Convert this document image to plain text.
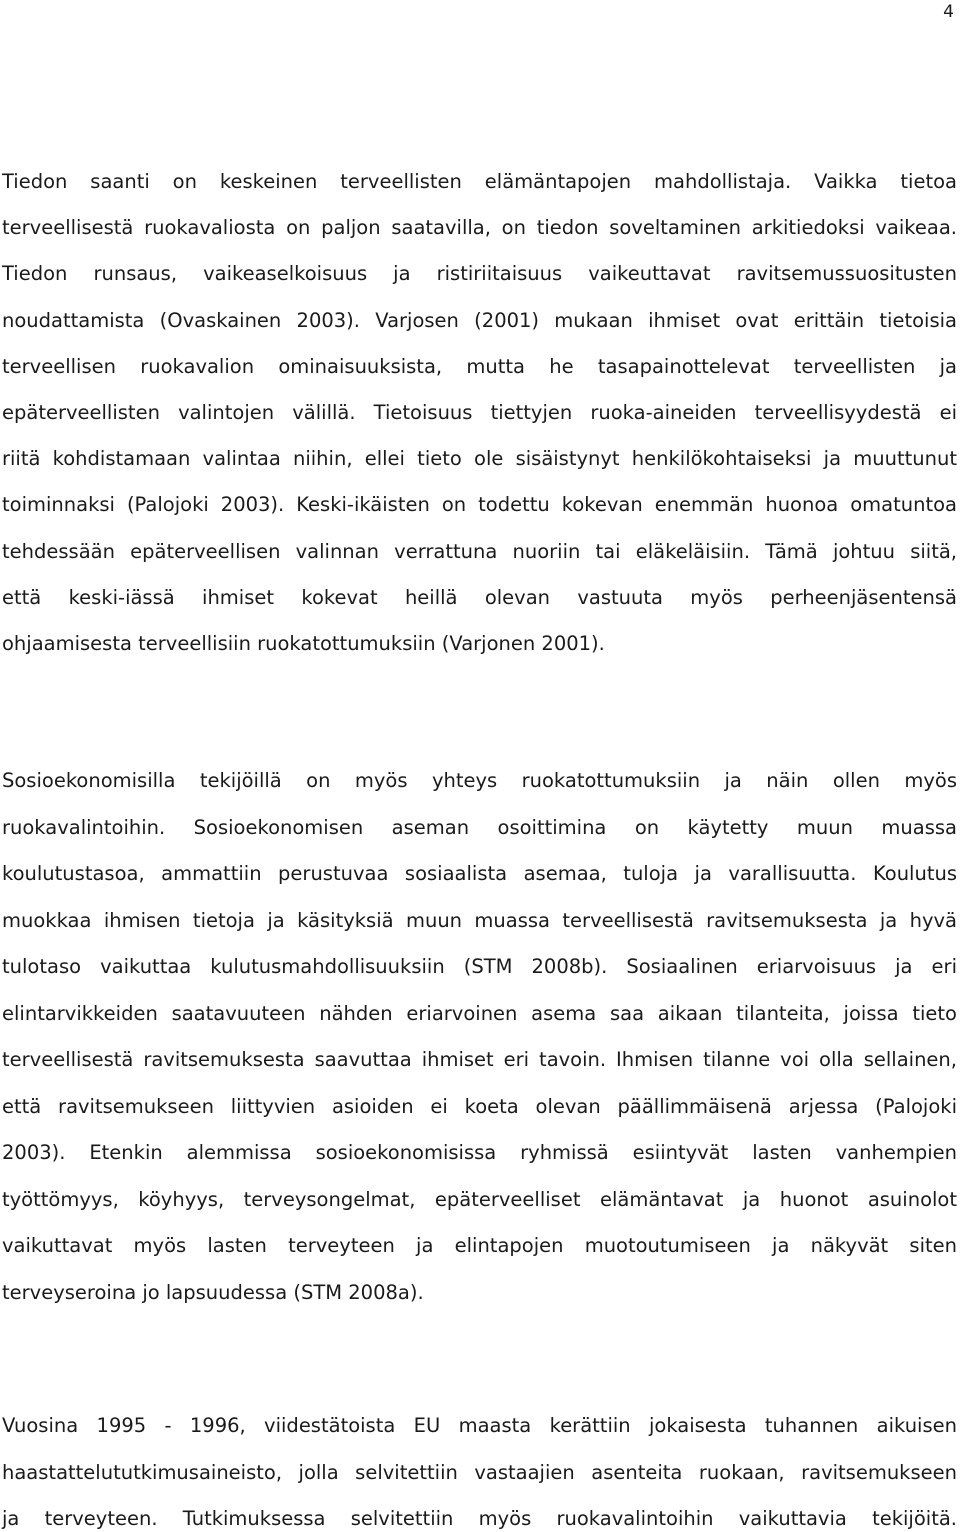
4
Tiedon saanti on keskeinen terveellisten elämäntapojen mahdollistaja. Vaikka tietoa
terveellisestä ruokavaliosta on paljon saatavilla, on tiedon soveltaminen arkitiedoksi vaikeaa.
Tiedon runsaus, vaikeaselkoisuus ja ristiriitaisuus vaikeuttavat ravitsemussuositusten
noudattamista (Ovaskainen 2003). Varjosen (2001) mukaan ihmiset ovat erittäin tietoisia
terveellisen ruokavalion ominaisuuksista, mutta he tasapainottelevat terveellisten ja
epäterveellisten valintojen välillä. Tietoisuus tiettyjen ruoka-aineiden terveellisyydestä ei
riitä kohdistamaan valintaa niihin, ellei tieto ole sisäistynyt henkilökohtaiseksi ja muuttunut
toiminnaksi (Palojoki 2003). Keski-ikäisten on todettu kokevan enemmän huonoa omatuntoa
tehdessään epäterveellisen valinnan verrattuna nuoriin tai eläkeläisiin. Tämä johtuu siitä,
että keski-iässä ihmiset kokevat heillä olevan vastuuta myös perheenjäsentensä
ohjaamisesta terveellisiin ruokatottumuksiin (Varjonen 2001).
Sosioekonomisilla tekijöillä on myös yhteys ruokatottumuksiin ja näin ollen myös
ruokavalintoihin. Sosioekonomisen aseman osoittimina on käytetty muun muassa
koulutustasoa, ammattiin perustuvaa sosiaalista asemaa, tuloja ja varallisuutta. Koulutus
muokkaa ihmisen tietoja ja käsityksiä muun muassa terveellisestä ravitsemuksesta ja hyvä
tulotaso vaikuttaa kulutusmahdollisuuksiin (STM 2008b). Sosiaalinen eriarvoisuus ja eri
elintarvikkeiden saatavuuteen nähden eriarvoinen asema saa aikaan tilanteita, joissa tieto
terveellisestä ravitsemuksesta saavuttaa ihmiset eri tavoin. Ihmisen tilanne voi olla sellainen,
että ravitsemukseen liittyvien asioiden ei koeta olevan päällimmäisenä arjessa (Palojoki
2003). Etenkin alemmissa sosioekonomisissa ryhmissä esiintyvät lasten vanhempien
työttömyys, köyhyys, terveysongelmat, epäterveelliset elämäntavat ja huonot asuinolot
vaikuttavat myös lasten terveyteen ja elintapojen muotoutumiseen ja näkyvät siten
terveyseroina jo lapsuudessa (STM 2008a).
Vuosina 1995 - 1996, viidestätoista EU maasta kerättiin jokaisesta tuhannen aikuisen
haastattelututkimusaineisto, jolla selvitettiin vastaajien asenteita ruokaan, ravitsemukseen
ja terveyteen. Tutkimuksessa selvitettiin myös ruokavalintoihin vaikuttavia tekijöitä.
